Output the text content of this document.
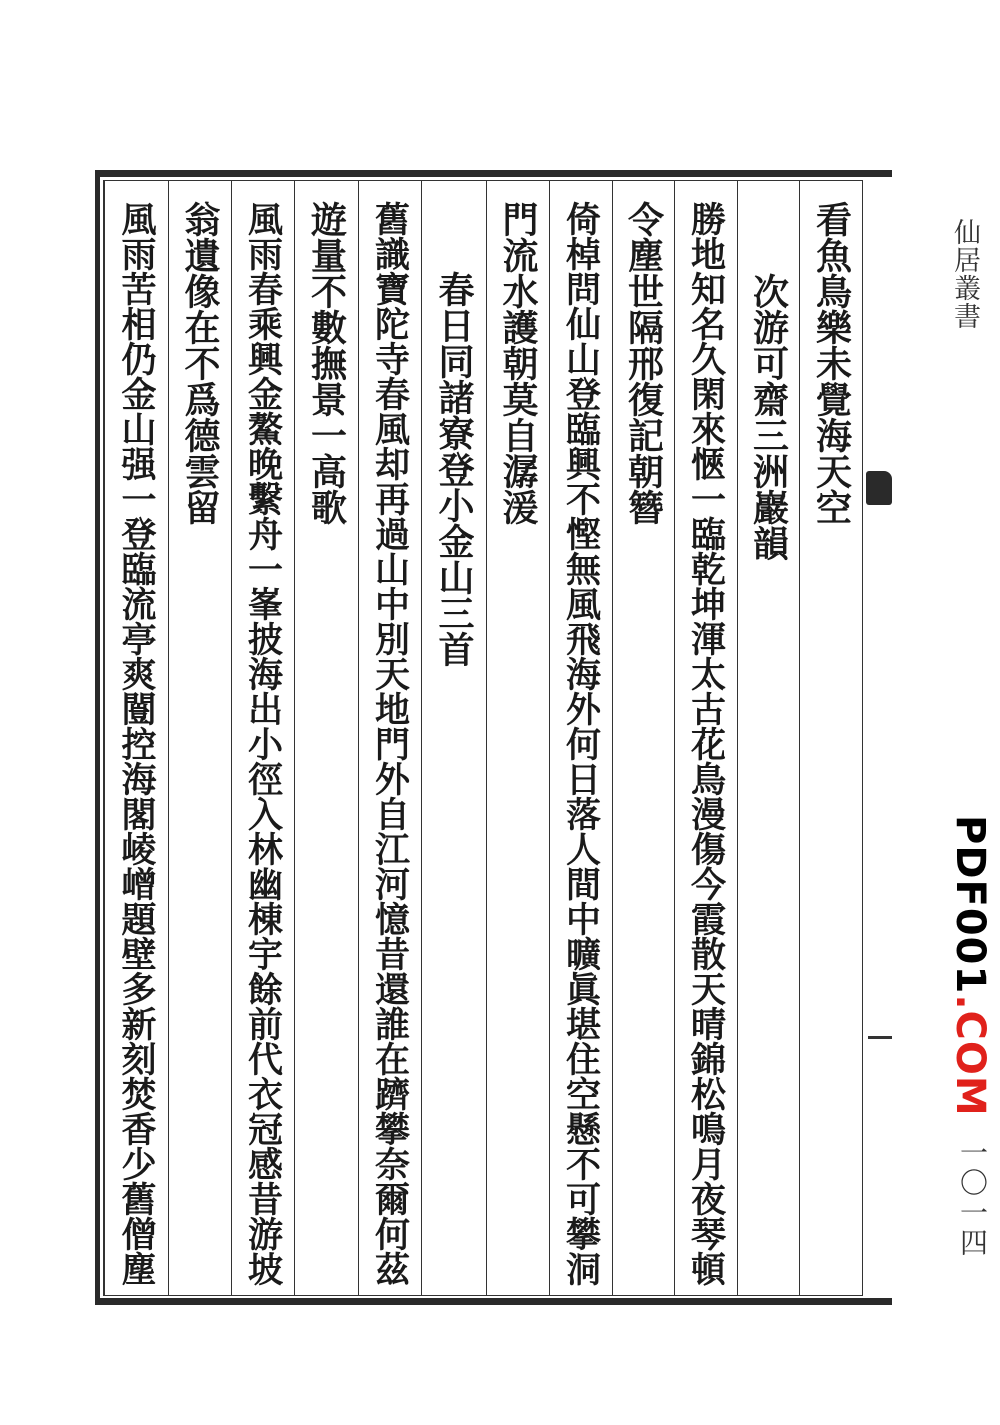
仙居叢書
一〇一四
PDF001.COM
看魚鳥樂未覺海天空
次游可齋三洲巖韻
勝地知名久閑來愜一臨乾坤渾太古花鳥漫傷今霞散天晴錦松鳴月夜琴頓
令塵世隔邢復記朝簪
倚棹問仙山登臨興不慳無風飛海外何日落人間中曠眞堪住空懸不可攀洞
門流水護朝莫自潺湲
春日同諸寮登小金山三首
舊識寶陀寺春風却再過山中別天地門外自江河憶昔還誰在躋攀奈爾何茲
遊量不數撫景一高歌
風雨春乘興金鰲晚繫舟一峯披海出小徑入林幽棟宇餘前代衣冠感昔游坡
翁遺像在不爲德雲留
風雨苦相仍金山强一登臨流亭爽闓控海閣崚嶒題壁多新刻焚香少舊僧塵
